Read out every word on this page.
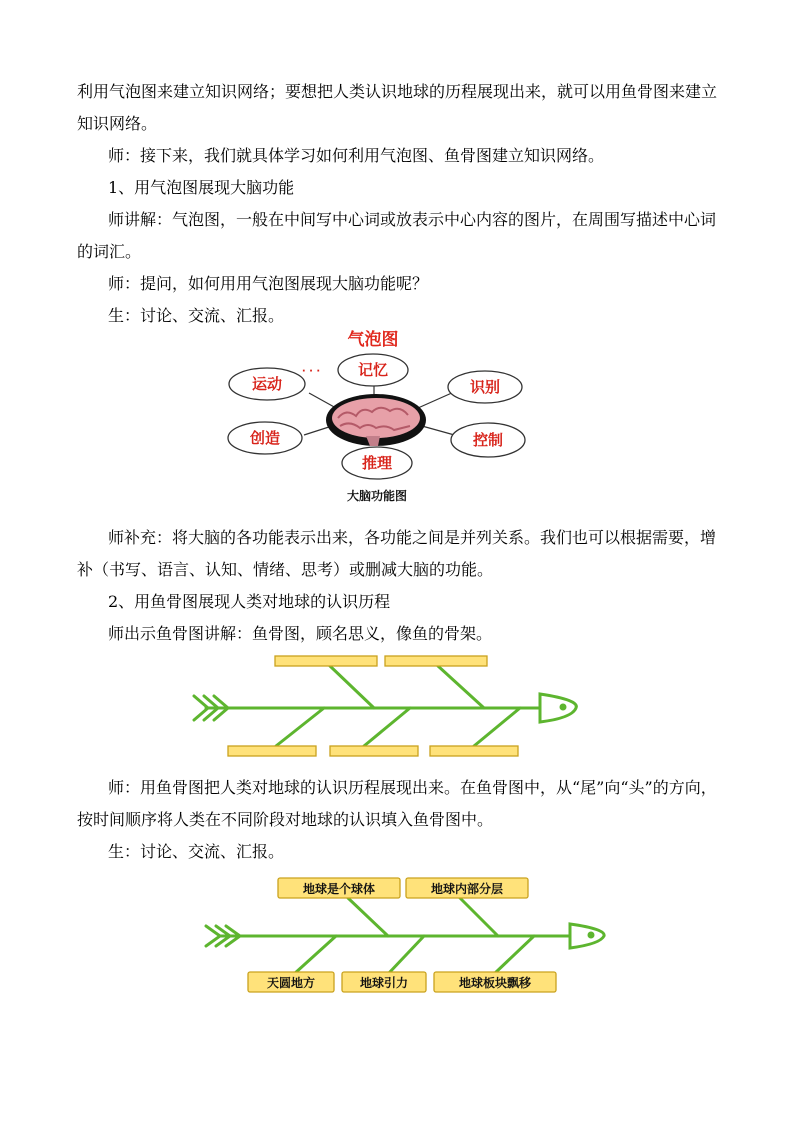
利用气泡图来建立知识网络；要想把人类认识地球的历程展现出来，就可以用鱼骨图来建立知识网络。

师：接下来，我们就具体学习如何利用气泡图、鱼骨图建立知识网络。

1、用气泡图展现大脑功能

师讲解：气泡图，一般在中间写中心词或放表示中心内容的图片，在周围写描述中心词的词汇。

师：提问，如何用用气泡图展现大脑功能呢？

生：讨论、交流、汇报。

气泡图
· · ·	记忆
运动	识别
创造	控制
推理
大脑功能图

师补充：将大脑的各功能表示出来，各功能之间是并列关系。我们也可以根据需要，增补（书写、语言、认知、情绪、思考）或删减大脑的功能。

2、用鱼骨图展现人类对地球的认识历程

师出示鱼骨图讲解：鱼骨图，顾名思义，像鱼的骨架。

师：用鱼骨图把人类对地球的认识历程展现出来。在鱼骨图中，从“尾”向“头”的方向，按时间顺序将人类在不同阶段对地球的认识填入鱼骨图中。

生：讨论、交流、汇报。

地球是个球体	地球内部分层
天圆地方	地球引力	地球板块飘移
